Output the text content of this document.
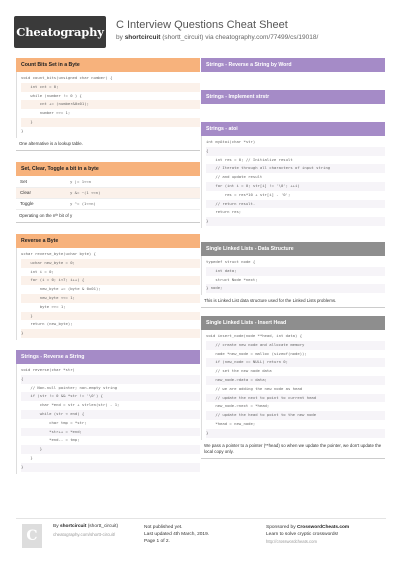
Cheatography C Interview Questions Cheat Sheet
by shortcircuit (shortt_circuit) via cheatography.com/77499/cs/19018/
Count Bits Set in a Byte
void count_bits(unsigned char number) {
int cnt = 0;
while (number != 0 ) {
cnt += (number&0x01);
number >>= 1;
}
}
One alternative is a lookup table.
Set, Clear, Toggle a bit in a byte
Set	y |= 1<<n
Clear	y &= ~(1 <<n)
Toggle	y ^= (1<<n)
Operating on the nᵗʰ bit of y
Reverse a Byte
uchar reverse_byte(uchar byte) {
uchar new_byte = 0;
int i = 0;
for (i = 0; i<7; i++) {
new_byte += (byte & 0x01);
new_byte <<= 1;
byte >>= 1;
}
return (new_byte);
}
Strings - Reverse a String
void reverse(char *str)
{
// Non-null pointer; non-empty string
if (str != 0 && *str != '\0') {
char *end = str + strlen(str) - 1;
while (str < end) {
char tmp = *str;
*str++ = *end;
*end-- = tmp;
}
}
}
Strings - Reverse a String by Word
Strings - Implement strstr
Strings - atoi
int myAtoi(char *str)
{
int res = 0; // Initialize result
// Iterate through all characters of input string
// and update result
for (int i = 0; str[i] != '\0'; ++i)
res = res*10 + str[i] - '0';
// return result.
return res;
}
Single Linked Lists - Data Structure
typedef struct node {
int data;
struct Node *next;
} node;
This is Linked List data structure used for the Linked Lists problems.
Single Linked Lists - Insert Head
void insert_node(node **head, int data) {
// create new node and allocate memory
node *new_node = malloc (sizeof(node));
if (new_node == NULL) return 0;
// set the new node data
new_node->data = data;
// we are adding the new node as head
// update the next to point to current head
new_node->next = *head;
// update the head to point to the new node
*head = new_node;
}
We pass a pointer to a pointer (**head) so when we update the pointer, we don't update the local copy only.
C
By shortcircuit (shortt_circuit)
cheatography.com/shortt-circuit/
Not published yet.
Last updated 4th March, 2019.
Page 1 of 2.
Sponsored by CrosswordCheats.com
Learn to solve cryptic crosswords!
http://crosswordcheats.com
